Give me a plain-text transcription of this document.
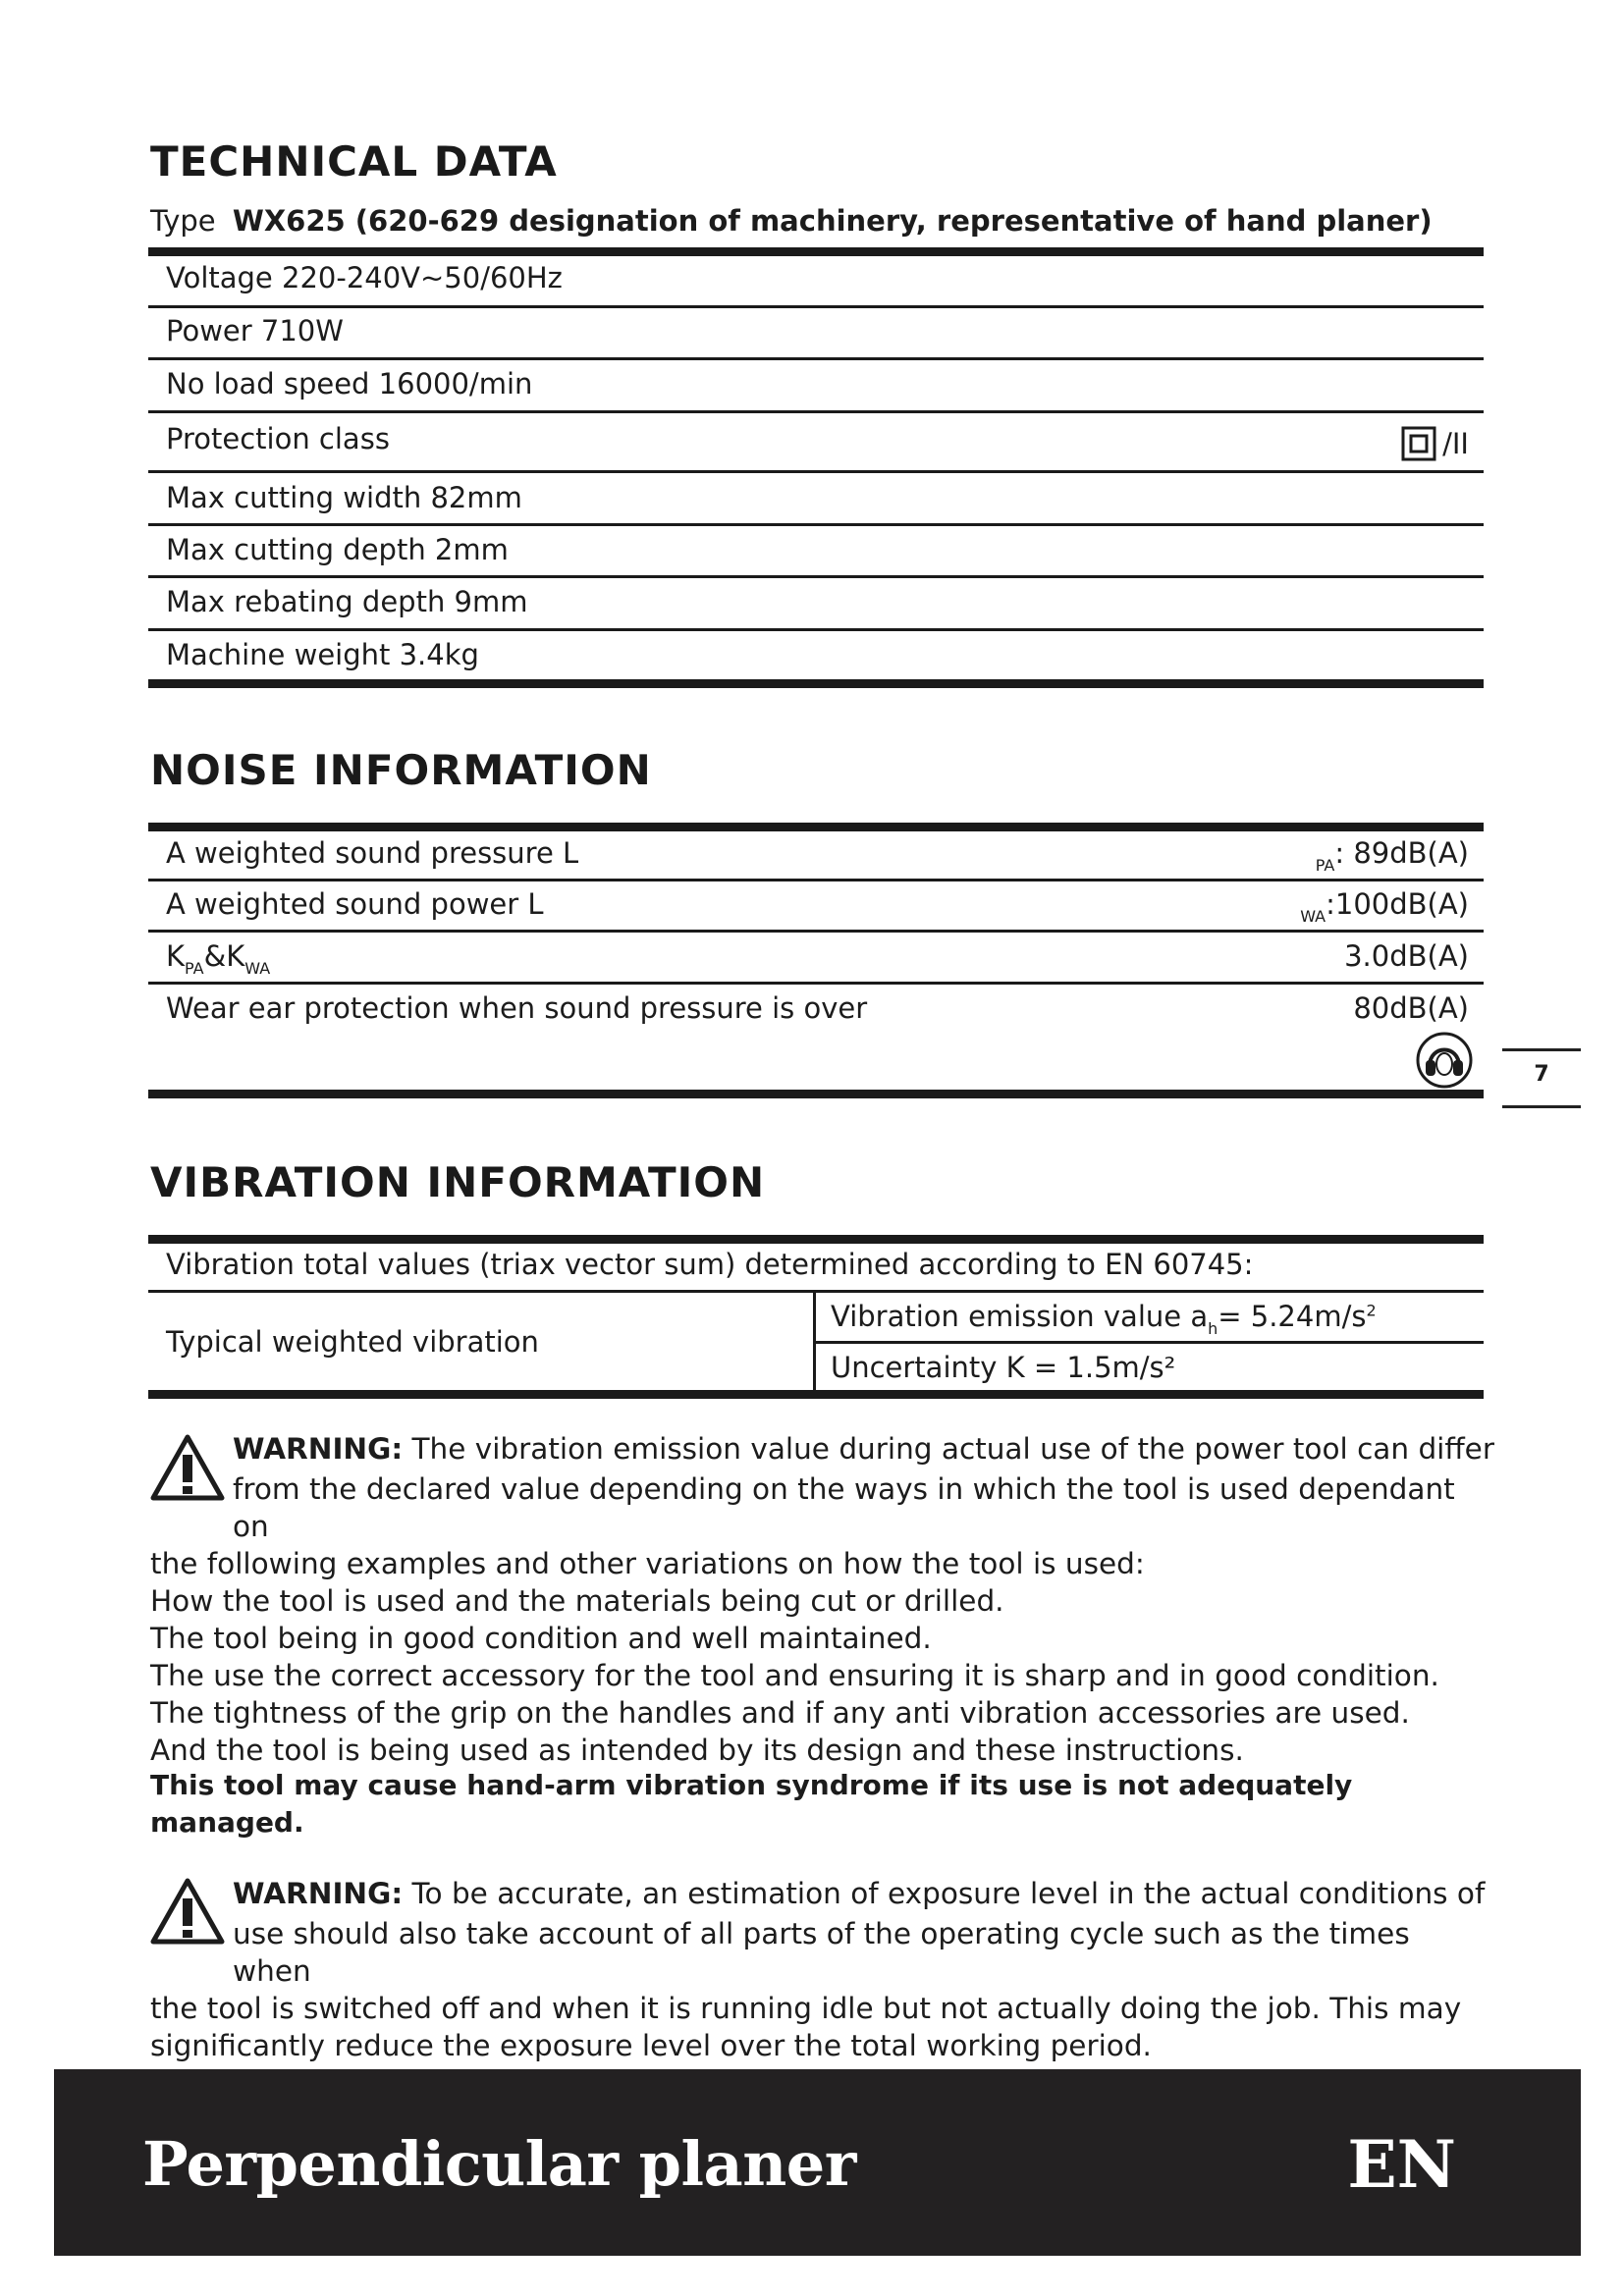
TECHNICAL DATA
Type WX625 (620-629 designation of machinery, representative of hand planer)
Voltage 220-240V~50/60Hz
Power 710W
No load speed 16000/min
Protection class	/II
Max cutting width 82mm
Max cutting depth 2mm
Max rebating depth 9mm
Machine weight 3.4kg
NOISE INFORMATION
A weighted sound pressure L	$_{PA}$: 89dB(A)
A weighted sound power L	$_{WA}$:100dB(A)
$K_{PA}\&K_{WA}$	3.0dB(A)
Wear ear protection when sound pressure is over	80dB(A)
7
VIBRATION INFORMATION
Vibration total values (triax vector sum) determined according to EN 60745:
Typical weighted vibration
Vibration emission value $a_h= 5.24m/s^2$
Uncertainty K = 1.5m/s²

WARNING: The vibration emission value during actual use of the power tool can differ

from the declared value depending on the ways in which the tool is used dependant on

the following examples and other variations on how the tool is used:

How the tool is used and the materials being cut or drilled.

The tool being in good condition and well maintained.

The use the correct accessory for the tool and ensuring it is sharp and in good condition.

The tightness of the grip on the handles and if any anti vibration accessories are used.

And the tool is being used as intended by its design and these instructions.

This tool may cause hand-arm vibration syndrome if its use is not adequately

managed.

WARNING: To be accurate, an estimation of exposure level in the actual conditions of

use should also take account of all parts of the operating cycle such as the times when

the tool is switched off and when it is running idle but not actually doing the job. This may

significantly reduce the exposure level over the total working period.

Perpendicular planer	EN
